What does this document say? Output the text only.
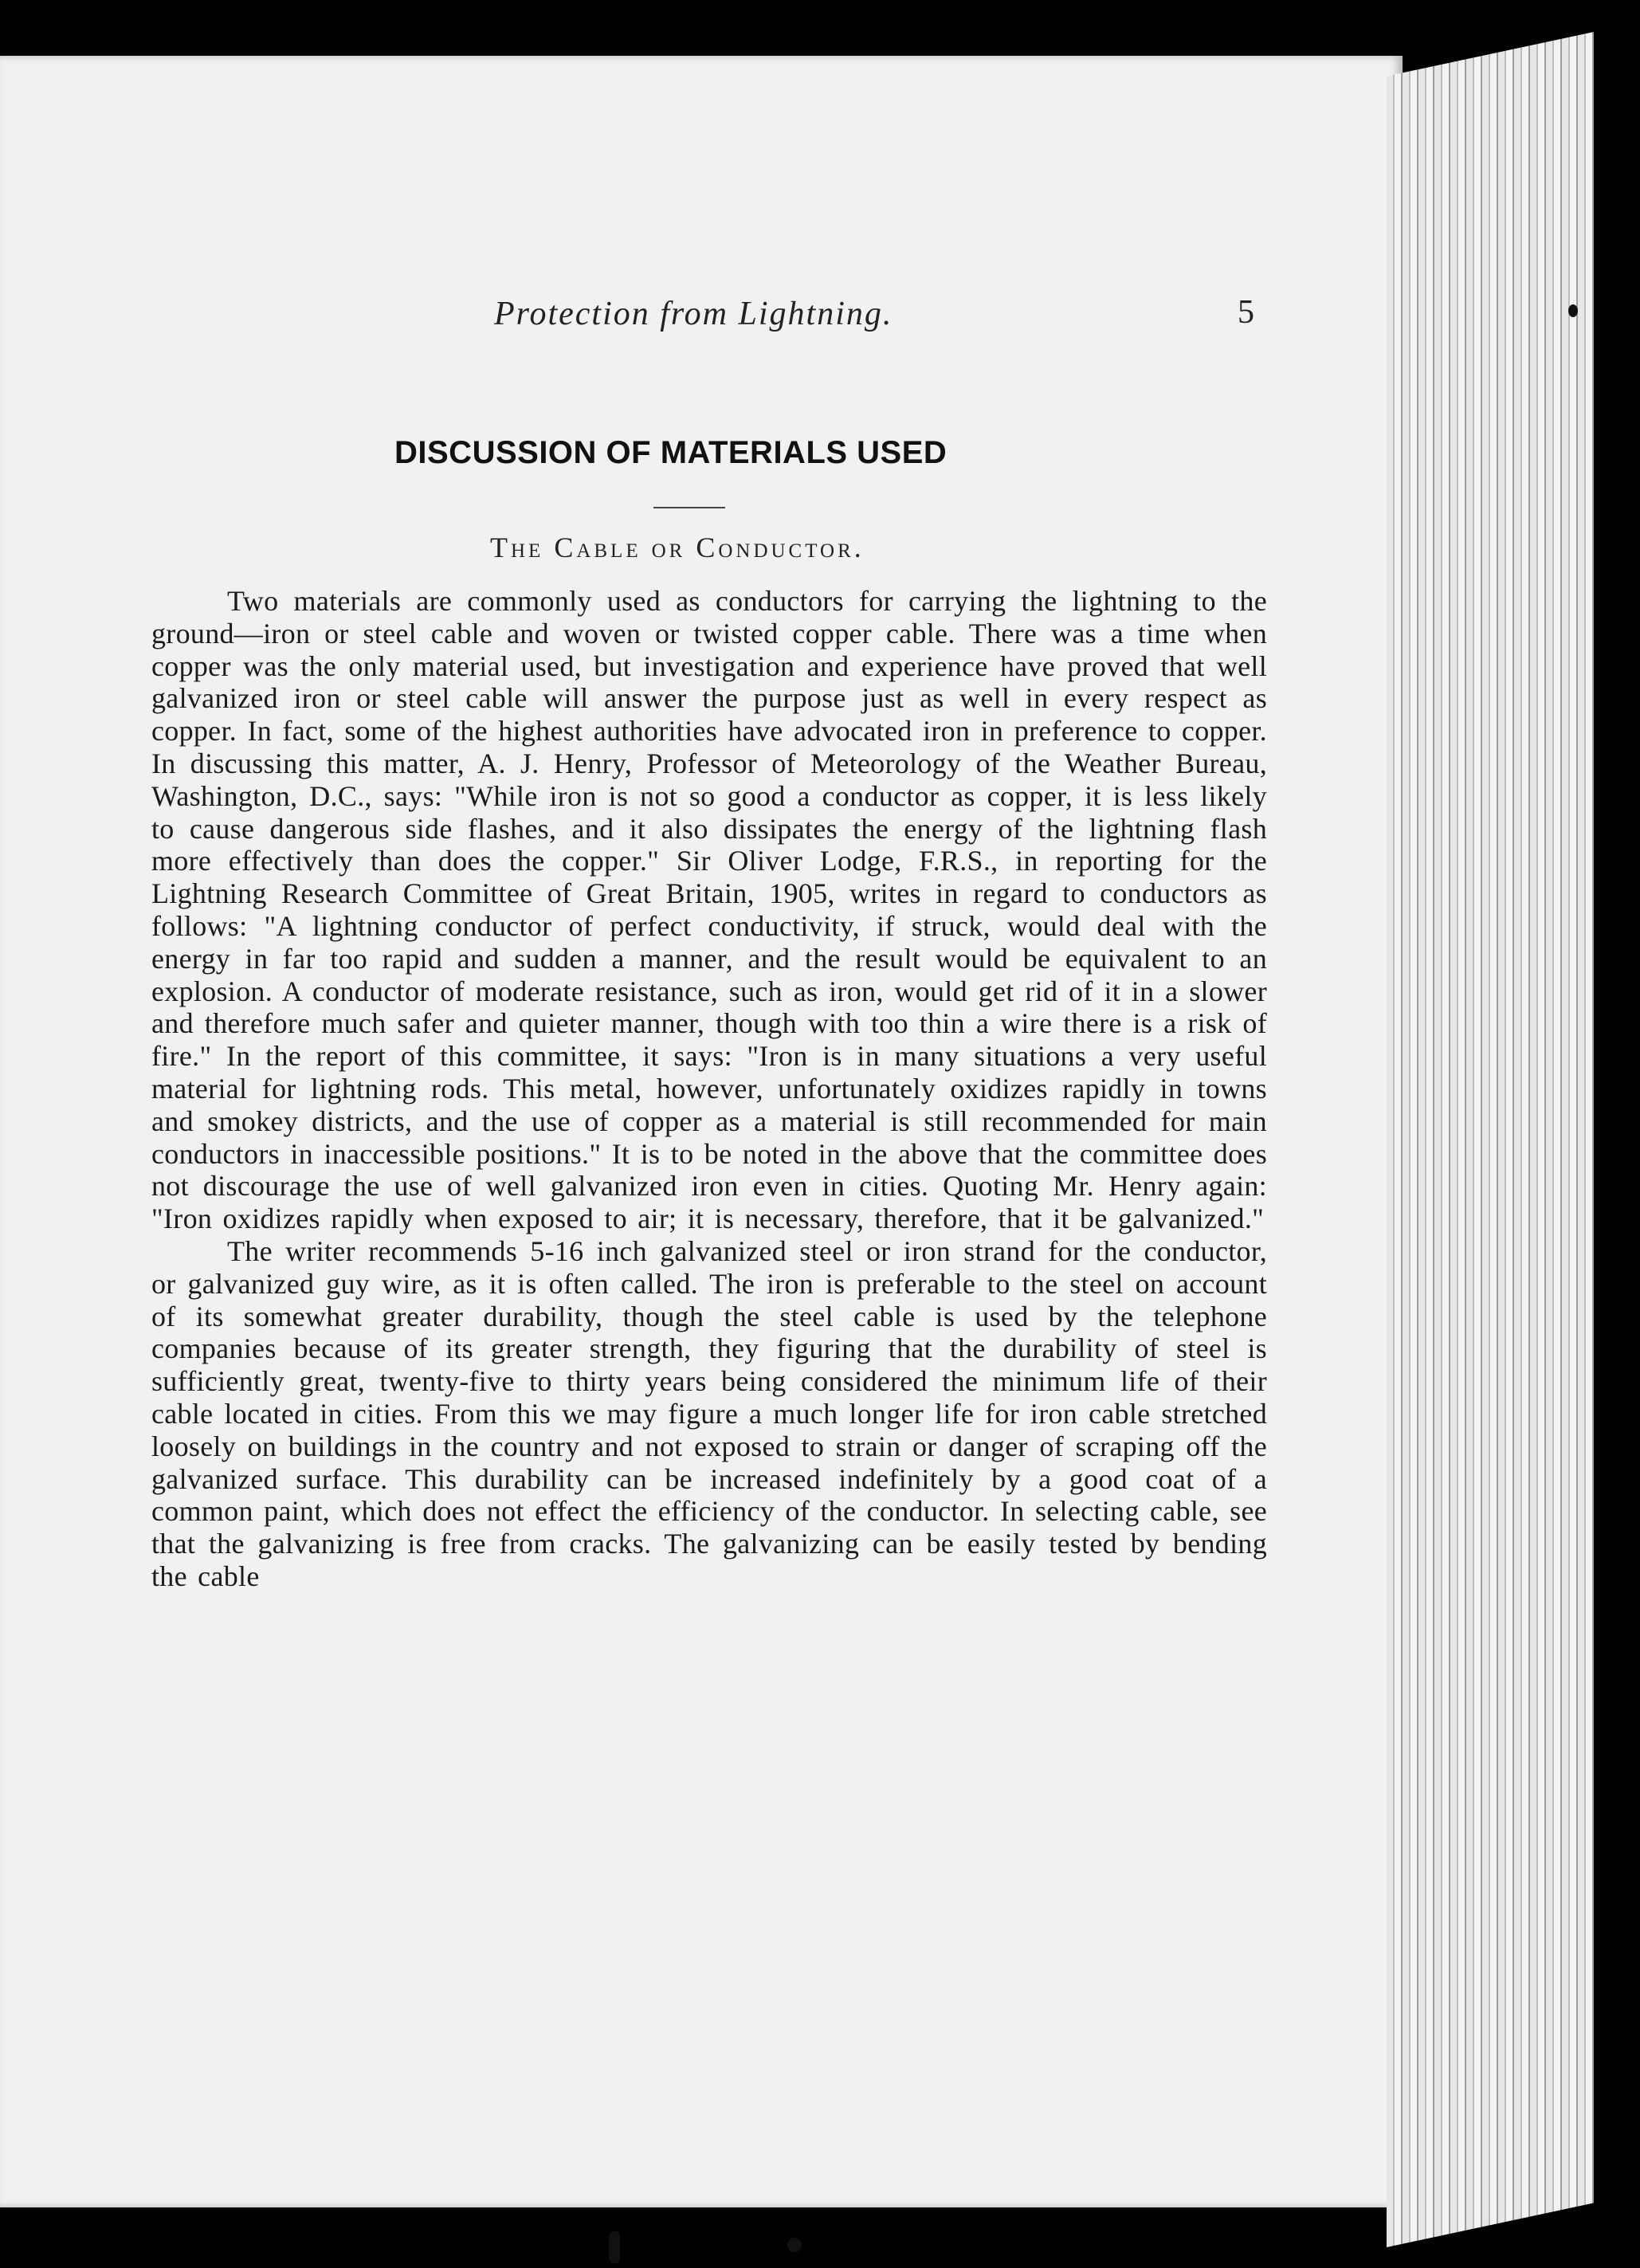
Protection from Lightning.	5
DISCUSSION OF MATERIALS USED
The Cable or Conductor.

Two materials are commonly used as conductors for carrying the lightning to the ground—iron or steel cable and woven or twisted copper cable. There was a time when copper was the only material used, but investigation and experience have proved that well galvanized iron or steel cable will answer the purpose just as well in every respect as copper. In fact, some of the highest authorities have advocated iron in preference to copper. In discussing this matter, A. J. Henry, Professor of Meteorology of the Weather Bureau, Washington, D.C., says: "While iron is not so good a conductor as copper, it is less likely to cause dangerous side flashes, and it also dissipates the energy of the lightning flash more effectively than does the copper." Sir Oliver Lodge, F.R.S., in reporting for the Lightning Research Committee of Great Britain, 1905, writes in regard to conductors as follows: "A lightning conductor of perfect conductivity, if struck, would deal with the energy in far too rapid and sudden a manner, and the result would be equivalent to an explosion. A conductor of moderate resistance, such as iron, would get rid of it in a slower and therefore much safer and quieter manner, though with too thin a wire there is a risk of fire." In the report of this committee, it says: "Iron is in many situations a very useful material for lightning rods. This metal, however, unfortunately oxidizes rapidly in towns and smokey districts, and the use of copper as a material is still recommended for main conductors in inaccessible positions." It is to be noted in the above that the committee does not discourage the use of well galvanized iron even in cities. Quoting Mr. Henry again: "Iron oxidizes rapidly when exposed to air; it is necessary, therefore, that it be galvanized."

The writer recommends 5-16 inch galvanized steel or iron strand for the conductor, or galvanized guy wire, as it is often called. The iron is preferable to the steel on account of its somewhat greater durability, though the steel cable is used by the telephone companies because of its greater strength, they figuring that the durability of steel is sufficiently great, twenty-five to thirty years being considered the minimum life of their cable located in cities. From this we may figure a much longer life for iron cable stretched loosely on buildings in the country and not exposed to strain or danger of scraping off the galvanized surface. This durability can be increased indefinitely by a good coat of a common paint, which does not effect the efficiency of the conductor. In selecting cable, see that the galvanizing is free from cracks. The galvanizing can be easily tested by bending the cable
